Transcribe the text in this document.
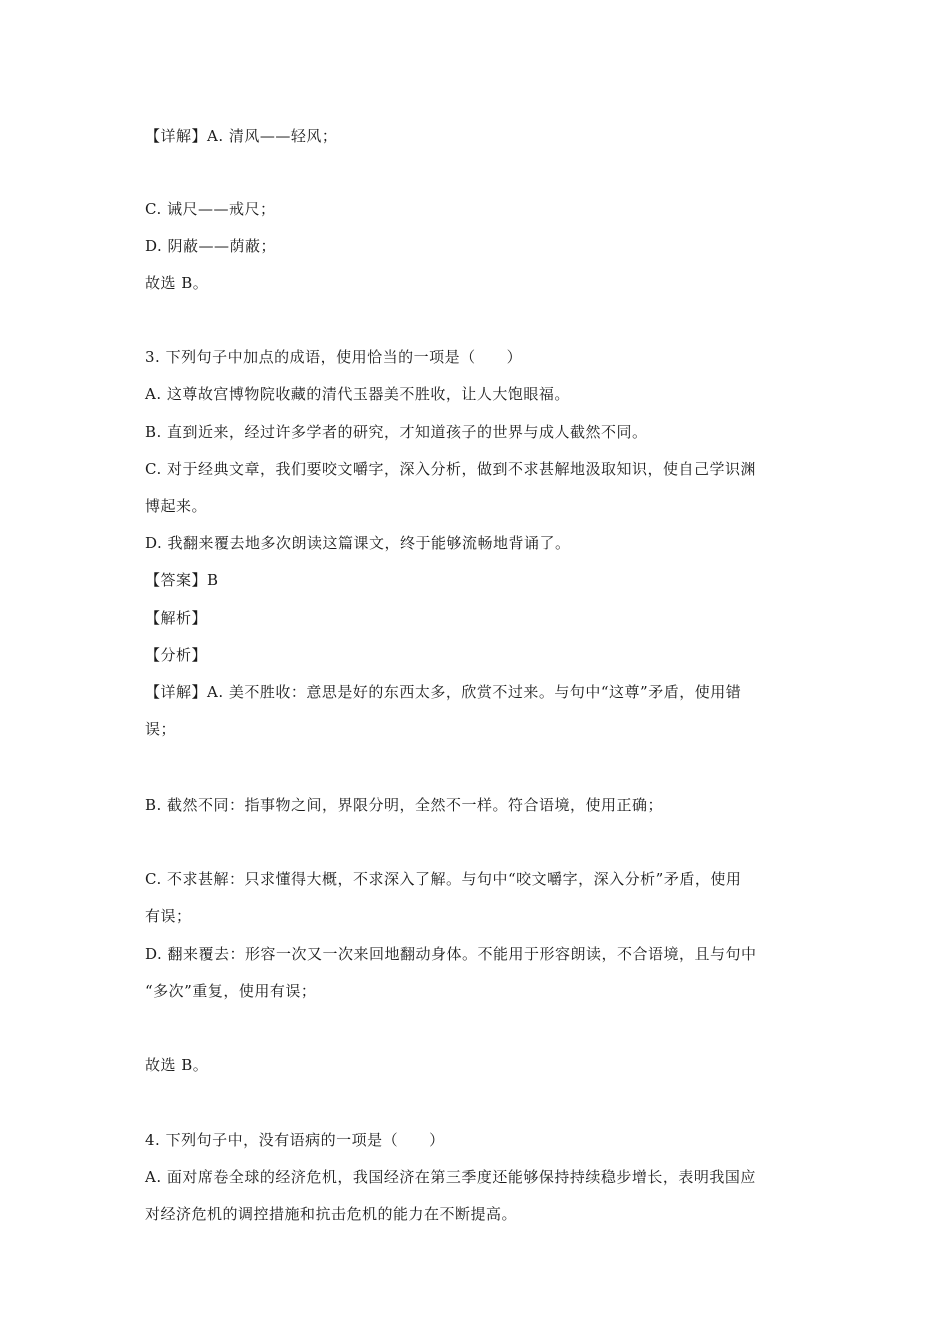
【详解】A. 清风——轻风；
C. 诫尺——戒尺；
D. 阴蔽——荫蔽；
故选 B。
3. 下列句子中加点的成语，使用恰当的一项是（　　）
A. 这尊故宫博物院收藏的清代玉器美不胜收，让人大饱眼福。
B. 直到近来，经过许多学者的研究，才知道孩子的世界与成人截然不同。
C. 对于经典文章，我们要咬文嚼字，深入分析，做到不求甚解地汲取知识，使自己学识渊
博起来。
D. 我翻来覆去地多次朗读这篇课文，终于能够流畅地背诵了。
【答案】B
【解析】
【分析】
【详解】A. 美不胜收：意思是好的东西太多，欣赏不过来。与句中“这尊”矛盾，使用错
误；
B. 截然不同：指事物之间，界限分明，全然不一样。符合语境，使用正确；
C. 不求甚解：只求懂得大概，不求深入了解。与句中“咬文嚼字，深入分析”矛盾，使用
有误；
D. 翻来覆去：形容一次又一次来回地翻动身体。不能用于形容朗读，不合语境，且与句中
“多次”重复，使用有误；
故选 B。
4. 下列句子中，没有语病的一项是（　　）
A. 面对席卷全球的经济危机，我国经济在第三季度还能够保持持续稳步增长，表明我国应
对经济危机的调控措施和抗击危机的能力在不断提高。
